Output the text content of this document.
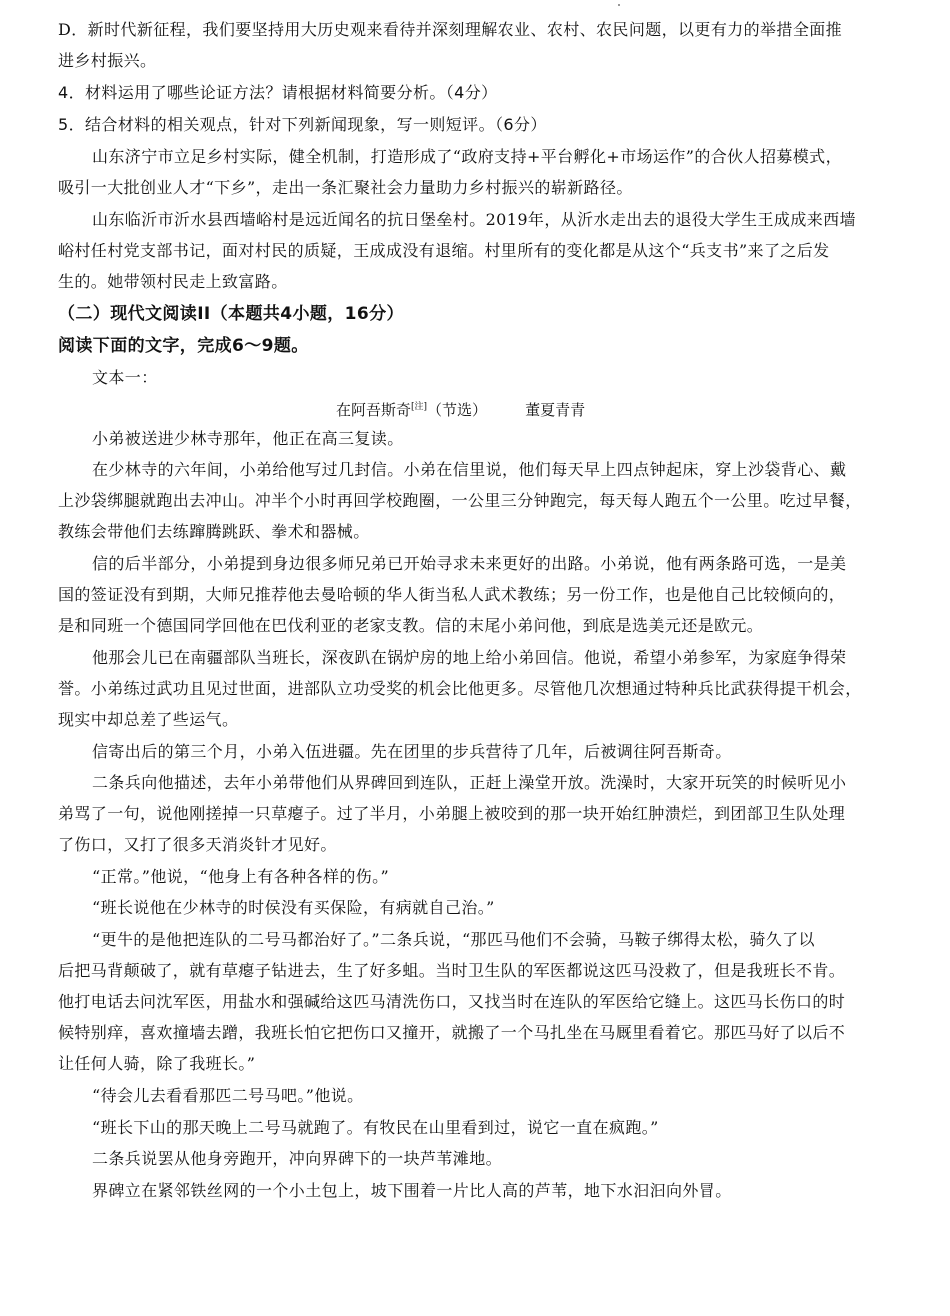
D．新时代新征程，我们要坚持用大历史观来看待并深刻理解农业、农村、农民问题，以更有力的举措全面推
进乡村振兴。
4．材料运用了哪些论证方法？请根据材料简要分析。（4分）
5．结合材料的相关观点，针对下列新闻现象，写一则短评。（6分）
山东济宁市立足乡村实际，健全机制，打造形成了“政府支持+平台孵化+市场运作”的合伙人招募模式，
吸引一大批创业人才“下乡”，走出一条汇聚社会力量助力乡村振兴的崭新路径。
山东临沂市沂水县西墙峪村是远近闻名的抗日堡垒村。2019年，从沂水走出去的退役大学生王成成来西墙
峪村任村党支部书记，面对村民的质疑，王成成没有退缩。村里所有的变化都是从这个“兵支书”来了之后发
生的。她带领村民走上致富路。
（二）现代文阅读II（本题共4小题，16分）
阅读下面的文字，完成6～9题。
文本一：
在阿吾斯奇[注]（节选）	董夏青青
小弟被送进少林寺那年，他正在高三复读。
在少林寺的六年间，小弟给他写过几封信。小弟在信里说，他们每天早上四点钟起床，穿上沙袋背心、戴
上沙袋绑腿就跑出去冲山。冲半个小时再回学校跑圈，一公里三分钟跑完，每天每人跑五个一公里。吃过早餐，
教练会带他们去练蹿腾跳跃、拳术和器械。
信的后半部分，小弟提到身边很多师兄弟已开始寻求未来更好的出路。小弟说，他有两条路可选，一是美
国的签证没有到期，大师兄推荐他去曼哈顿的华人街当私人武术教练；另一份工作，也是他自己比较倾向的，
是和同班一个德国同学回他在巴伐利亚的老家支教。信的末尾小弟问他，到底是选美元还是欧元。
他那会儿已在南疆部队当班长，深夜趴在锅炉房的地上给小弟回信。他说，希望小弟参军，为家庭争得荣
誉。小弟练过武功且见过世面，进部队立功受奖的机会比他更多。尽管他几次想通过特种兵比武获得提干机会，
现实中却总差了些运气。
信寄出后的第三个月，小弟入伍进疆。先在团里的步兵营待了几年，后被调往阿吾斯奇。
二条兵向他描述，去年小弟带他们从界碑回到连队，正赶上澡堂开放。洗澡时，大家开玩笑的时候听见小
弟骂了一句，说他刚搓掉一只草瘪子。过了半月，小弟腿上被咬到的那一块开始红肿溃烂，到团部卫生队处理
了伤口，又打了很多天消炎针才见好。
“正常。”他说，“他身上有各种各样的伤。”
“班长说他在少林寺的时侯没有买保险，有病就自己治。”
“更牛的是他把连队的二号马都治好了。”二条兵说，“那匹马他们不会骑，马鞍子绑得太松，骑久了以
后把马背颠破了，就有草瘪子钻进去，生了好多蛆。当时卫生队的军医都说这匹马没救了，但是我班长不肯。
他打电话去问沈军医，用盐水和强碱给这匹马清洗伤口，又找当时在连队的军医给它缝上。这匹马长伤口的时
候特别痒，喜欢撞墙去蹭，我班长怕它把伤口又撞开，就搬了一个马扎坐在马厩里看着它。那匹马好了以后不
让任何人骑，除了我班长。”
“待会儿去看看那匹二号马吧。”他说。
“班长下山的那天晚上二号马就跑了。有牧民在山里看到过，说它一直在疯跑。”
二条兵说罢从他身旁跑开，冲向界碑下的一块芦苇滩地。
界碑立在紧邻铁丝网的一个小土包上，坡下围着一片比人高的芦苇，地下水汩汩向外冒。
